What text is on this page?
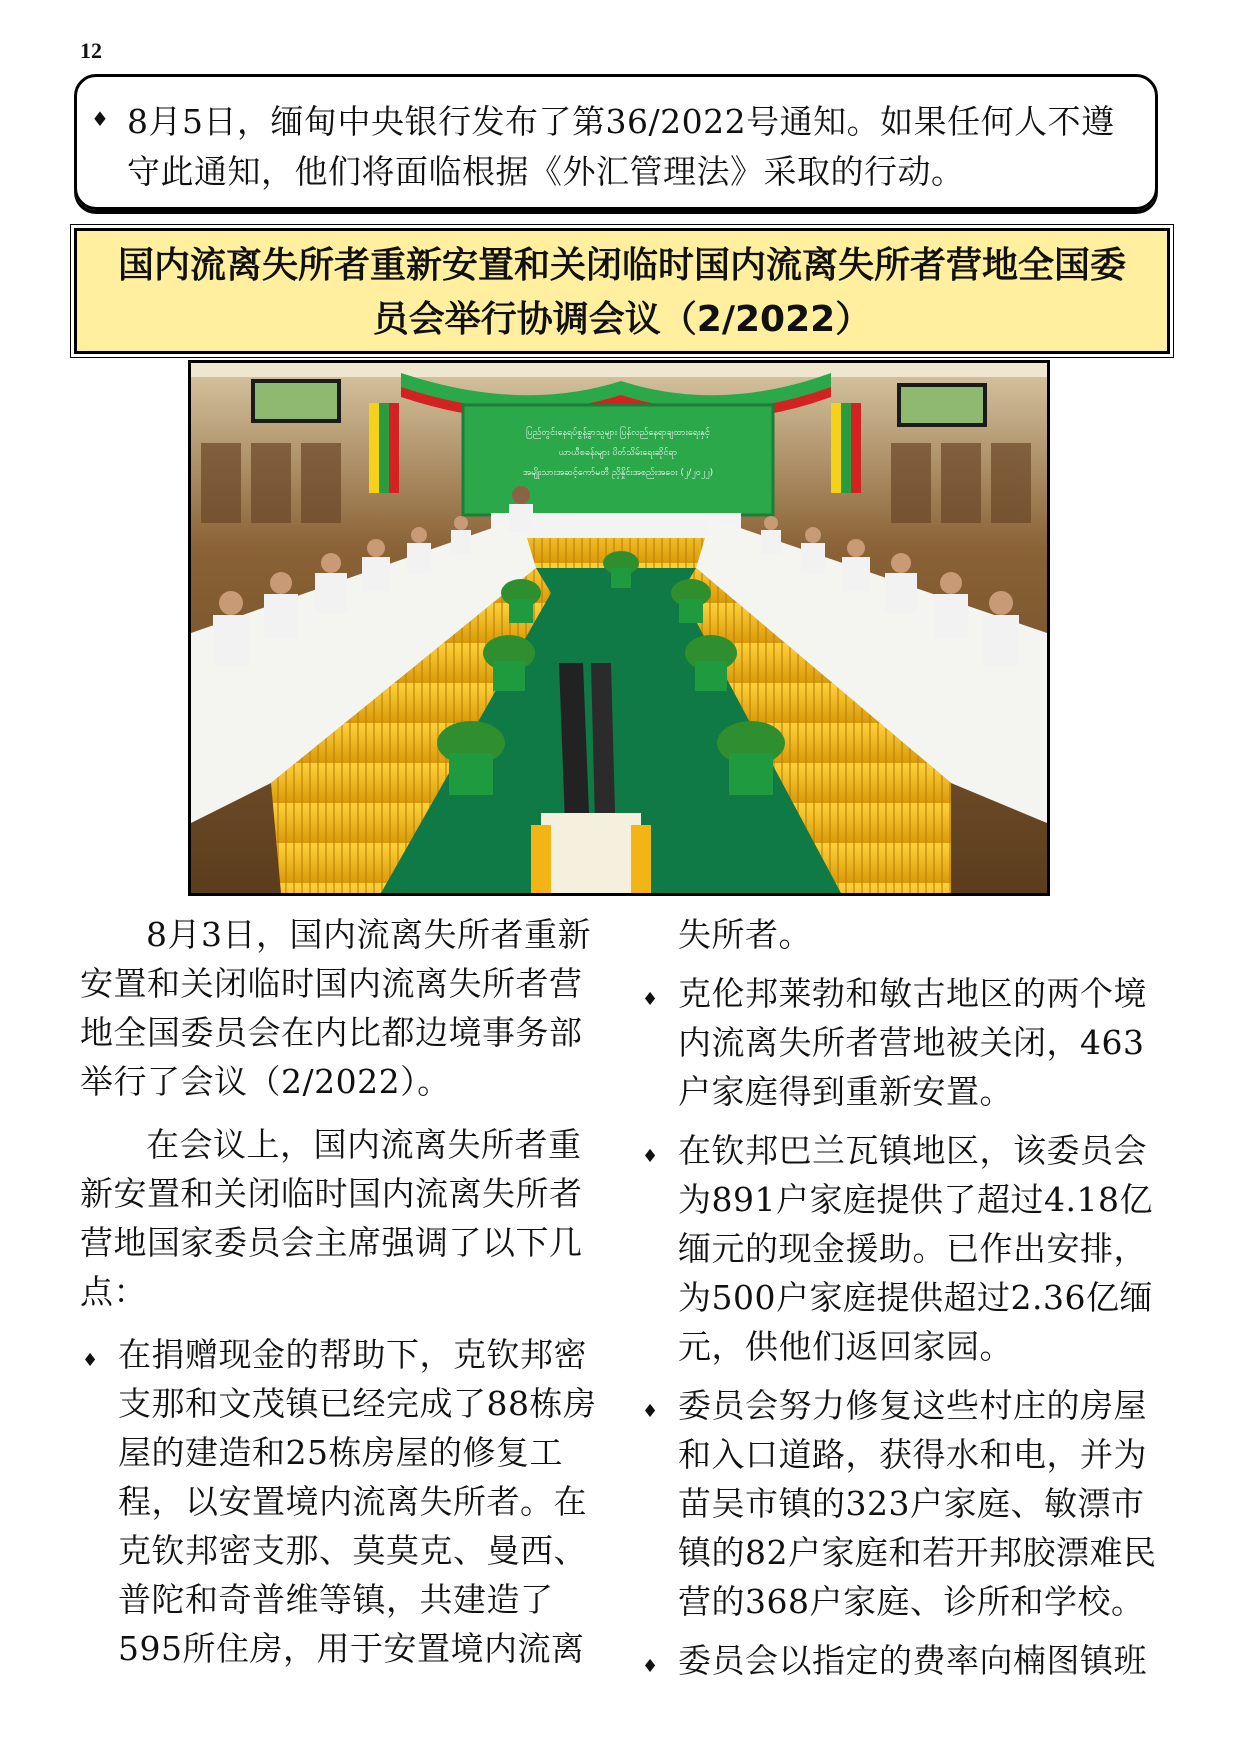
12
♦ 8月5日，缅甸中央银行发布了第36/2022号通知。如果任何人不遵守此通知，他们将面临根据《外汇管理法》采取的行动。
国内流离失所者重新安置和关闭临时国内流离失所者营地全国委
员会举行协调会议（2/2022）
ပြည်တွင်းနေရပ်စွန့်ခွာသူများ ပြန်လည်နေရာချထားရေးနှင့်
ယာယီစခန်းများ ပိတ်သိမ်းရေးဆိုင်ရာ
အမျိုးသားအဆင့်ကော်မတီ ညှိနှိုင်းအစည်းအဝေး (၂/၂၀၂၂)

8月3日，国内流离失所者重新安置和关闭临时国内流离失所者营地全国委员会在内比都边境事务部举行了会议（2/2022）。

在会议上，国内流离失所者重新安置和关闭临时国内流离失所者营地国家委员会主席强调了以下几点：

♦ 在捐赠现金的帮助下，克钦邦密支那和文茂镇已经完成了88栋房屋的建造和25栋房屋的修复工程，以安置境内流离失所者。在克钦邦密支那、莫莫克、曼西、普陀和奇普维等镇，共建造了595所住房，用于安置境内流离

失所者。

♦ 克伦邦莱勃和敏古地区的两个境内流离失所者营地被关闭，463户家庭得到重新安置。
♦ 在钦邦巴兰瓦镇地区，该委员会为891户家庭提供了超过4.18亿缅元的现金援助。已作出安排，为500户家庭提供超过2.36亿缅元，供他们返回家园。
♦ 委员会努力修复这些村庄的房屋和入口道路，获得水和电，并为苗吴市镇的323户家庭、敏漂市镇的82户家庭和若开邦胶漂难民营的368户家庭、诊所和学校。
♦ 委员会以指定的费率向楠图镇班
